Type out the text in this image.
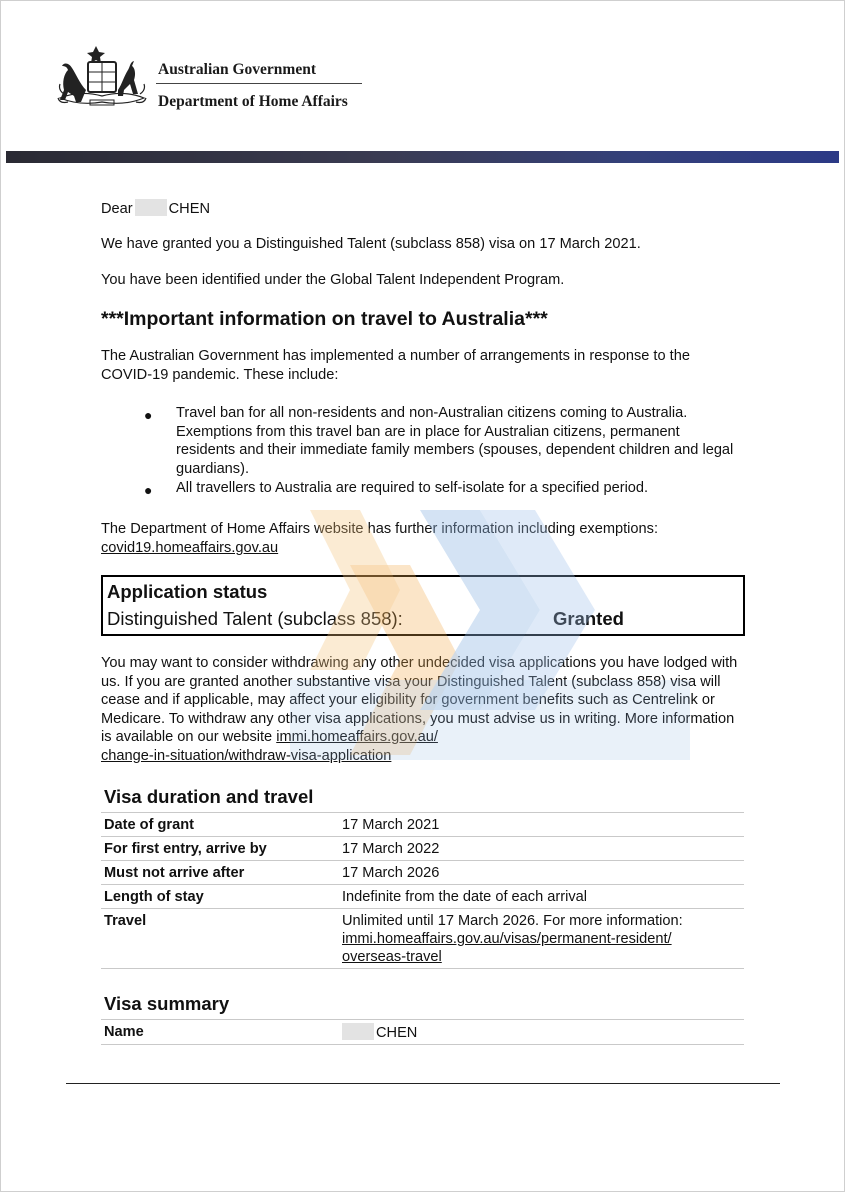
Australian Government
Department of Home Affairs
Dear CHEN
We have granted you a Distinguished Talent (subclass 858) visa on 17 March 2021.
You have been identified under the Global Talent Independent Program.
***Important information on travel to Australia***
The Australian Government has implemented a number of arrangements in response to the COVID-19 pandemic. These include:
● Travel ban for all non-residents and non-Australian citizens coming to Australia. Exemptions from this travel ban are in place for Australian citizens, permanent residents and their immediate family members (spouses, dependent children and legal guardians).
● All travellers to Australia are required to self-isolate for a specified period.
The Department of Home Affairs website has further information including exemptions:
covid19.homeaffairs.gov.au
Application status
Distinguished Talent (subclass 858):	Granted
You may want to consider withdrawing any other undecided visa applications you have lodged with us. If you are granted another substantive visa your Distinguished Talent (subclass 858) visa will cease and if applicable, may affect your eligibility for government benefits such as Centrelink or Medicare. To withdraw any other visa applications, you must advise us in writing. More information is available on our website immi.homeaffairs.gov.au/
change-in-situation/withdraw-visa-application
Visa duration and travel
Date of grant	17 March 2021
For first entry, arrive by	17 March 2022
Must not arrive after	17 March 2026
Length of stay	Indefinite from the date of each arrival
Travel	Unlimited until 17 March 2026. For more information:
immi.homeaffairs.gov.au/visas/permanent-resident/
overseas-travel
Visa summary
Name	CHEN
